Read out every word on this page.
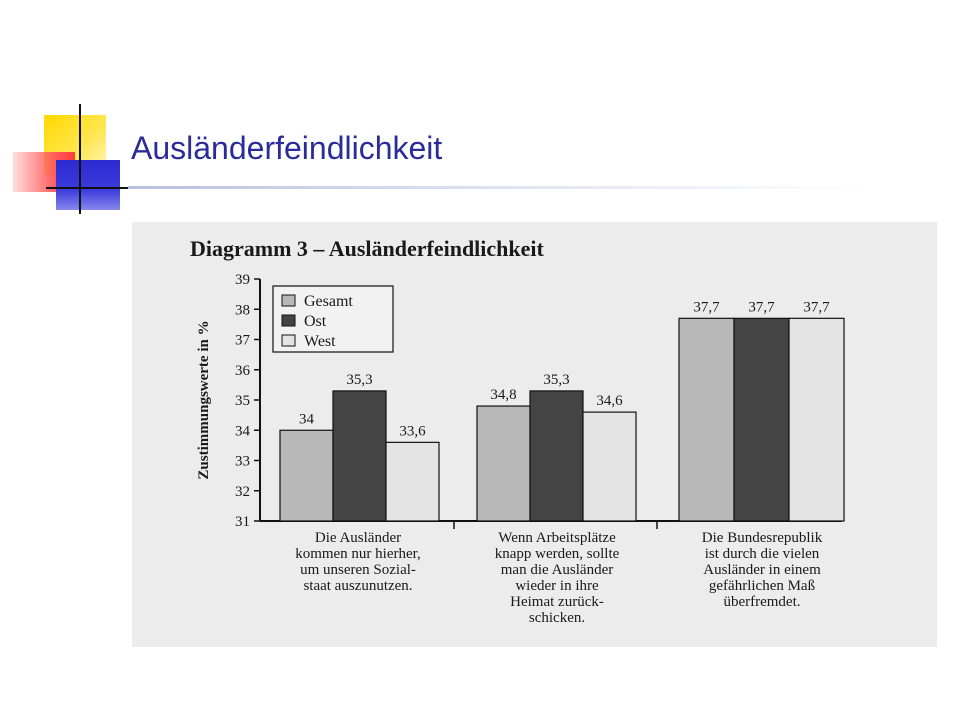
Ausländerfeindlichkeit
Diagramm 3 – Ausländerfeindlichkeit
31
32
33
34
35
36
37
38
39
34
34,8
37,7
35,3	35,3
37,7
33,6
34,6
37,7
Gesamt
Ost
West
Die Ausländer
kommen nur hierher,
um unseren Sozial-
staat auszunutzen.
Wenn Arbeitsplätze
knapp werden, sollte
man die Ausländer
wieder in ihre
Heimat zurück-
schicken.
Die Bundesrepublik
ist durch die vielen
Ausländer in einem
gefährlichen Maß
überfremdet.
Zustimmungswerte in %
